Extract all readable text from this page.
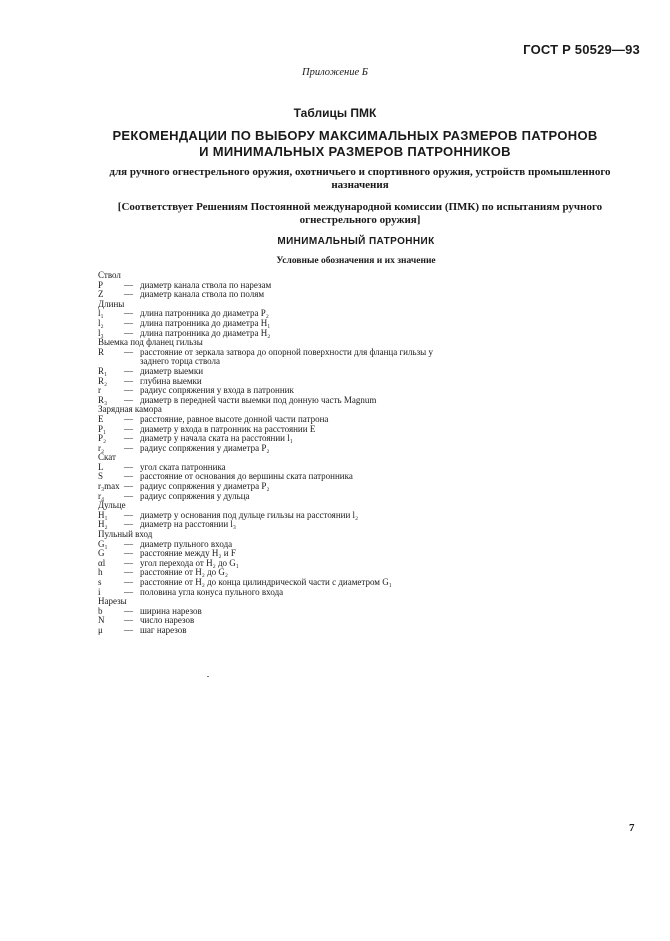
ГОСТ Р 50529—93
Приложение Б
Таблицы ПМК
РЕКОМЕНДАЦИИ ПО ВЫБОРУ МАКСИМАЛЬНЫХ РАЗМЕРОВ ПАТРОНОВ
И МИНИМАЛЬНЫХ РАЗМЕРОВ ПАТРОННИКОВ
для ручного огнестрельного оружия, охотничьего и спортивного оружия, устройств промышленного назначения
[Соответствует Решениям Постоянной международной комиссии (ПМК) по испытаниям ручного огнестрельного оружия]
МИНИМАЛЬНЫЙ ПАТРОННИК
Условные обозначения и их значение
Ствол
P	— диаметр канала ствола по нарезам
Z	— диаметр канала ствола по полям
Длины
l₁	— длина патронника до диаметра P₂
l₂	— длина патронника до диаметра H₁
l₃	— длина патронника до диаметра H₂
Выемка под фланец гильзы
R	— расстояние от зеркала затвора до опорной поверхности для фланца гильзы у
заднего торца ствола
R₁	— диаметр выемки
R₂	— глубина выемки
r	— радиус сопряжения у входа в патронник
R₃	— диаметр в передней части выемки под донную часть Magnum
Зарядная камора
E	— расстояние, равное высоте донной части патрона
P₁	— диаметр у входа в патронник на расстоянии E
P₂	— диаметр у начала ската на расстоянии l₁
r₂	— радиус сопряжения у диаметра P₂
Скат
L	— угол ската патронника
S	— расстояние от основания до вершины ската патронника
r₃max — радиус сопряжения у диаметра P₂
r₄	— радиус сопряжения у дульца
Дульце
H₁	— диаметр у основания под дульце гильзы на расстоянии l₂
H₂	— диаметр на расстоянии l₃
Пульный вход
G₁	— диаметр пульного входа
G	— расстояние между H₂ и F
αl	— угол перехода от H₂ до G₁
h	— расстояние от H₂ до G₂
s	— расстояние от H₂ до конца цилиндрической части с диаметром G₁
i	— половина угла конуса пульного входа
Нарезы
b	— ширина нарезов
N	— число нарезов
μ	— шаг нарезов
7
